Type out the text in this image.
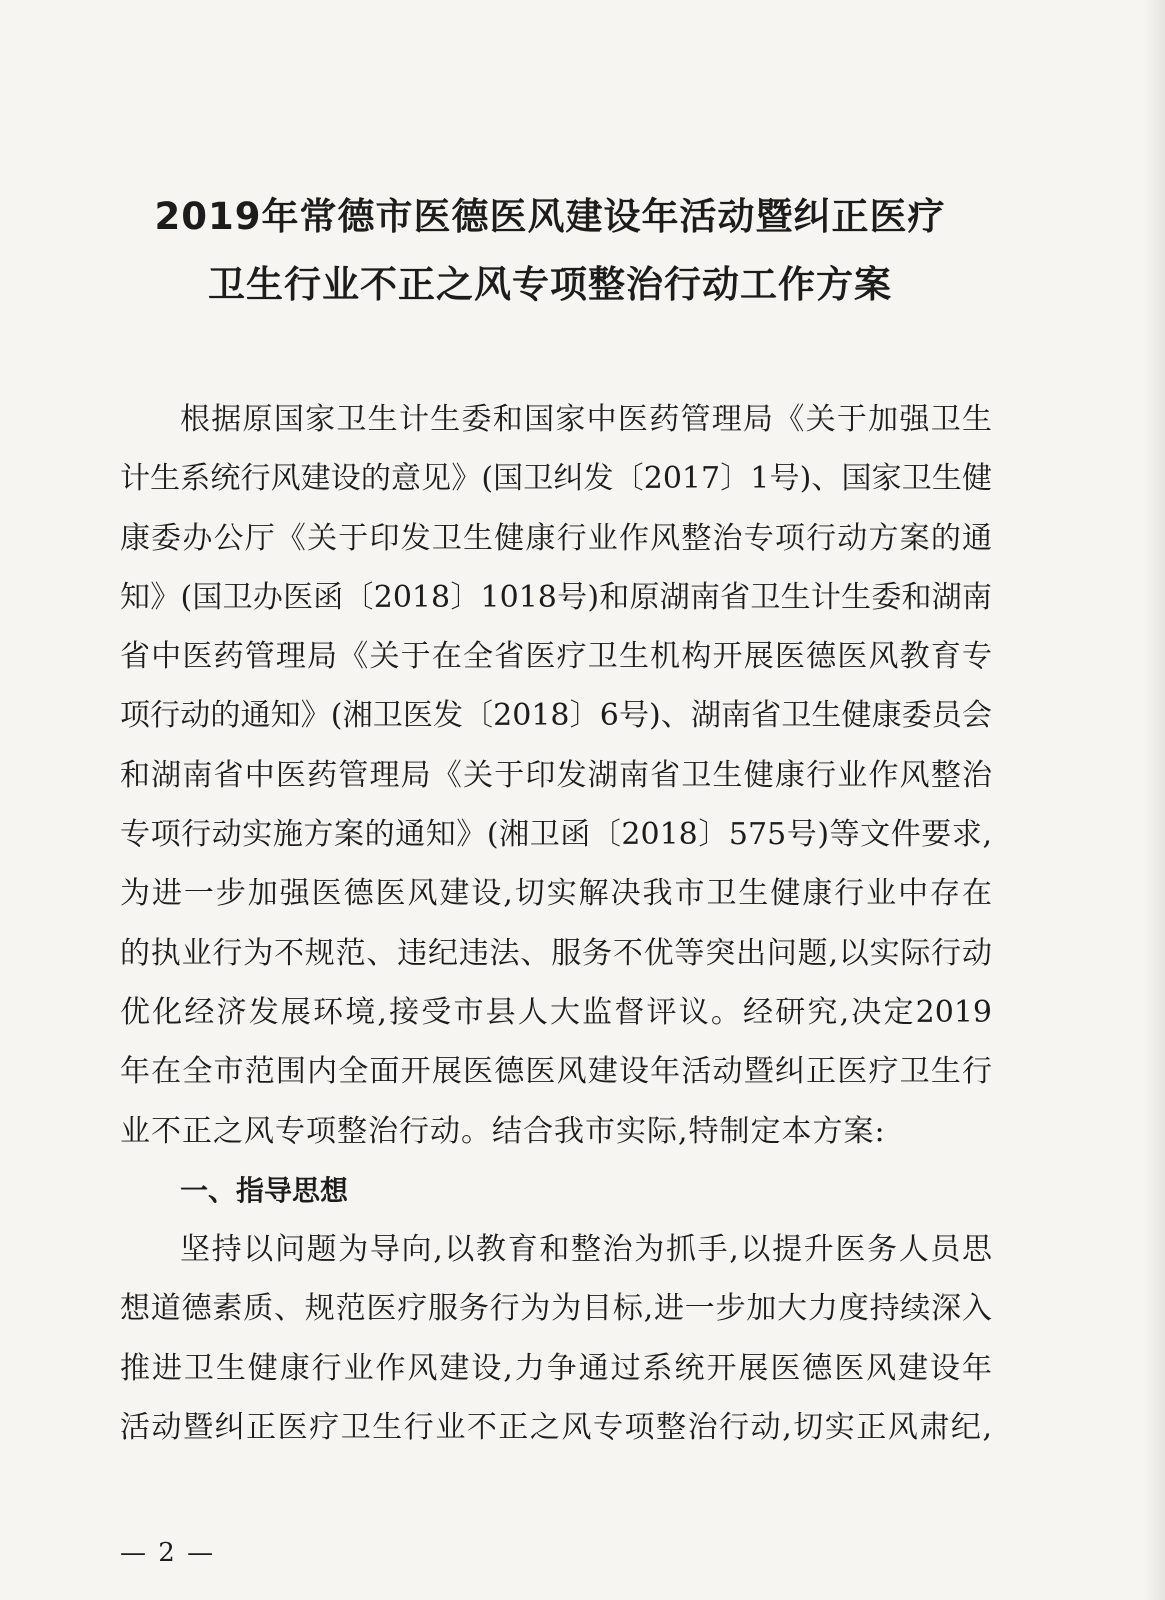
2019年常德市医德医风建设年活动暨纠正医疗
卫生行业不正之风专项整治行动工作方案
根据原国家卫生计生委和国家中医药管理局《关于加强卫生
计生系统行风建设的意见》(国卫纠发〔2017〕1号)、国家卫生健
康委办公厅《关于印发卫生健康行业作风整治专项行动方案的通
知》(国卫办医函〔2018〕1018号)和原湖南省卫生计生委和湖南
省中医药管理局《关于在全省医疗卫生机构开展医德医风教育专
项行动的通知》(湘卫医发〔2018〕6号)、湖南省卫生健康委员会
和湖南省中医药管理局《关于印发湖南省卫生健康行业作风整治
专项行动实施方案的通知》(湘卫函〔2018〕575号)等文件要求,
为进一步加强医德医风建设,切实解决我市卫生健康行业中存在
的执业行为不规范、违纪违法、服务不优等突出问题,以实际行动
优化经济发展环境,接受市县人大监督评议。经研究,决定2019
年在全市范围内全面开展医德医风建设年活动暨纠正医疗卫生行
业不正之风专项整治行动。结合我市实际,特制定本方案:
一、指导思想
坚持以问题为导向,以教育和整治为抓手,以提升医务人员思
想道德素质、规范医疗服务行为为目标,进一步加大力度持续深入
推进卫生健康行业作风建设,力争通过系统开展医德医风建设年
活动暨纠正医疗卫生行业不正之风专项整治行动,切实正风肃纪,
— 2 —
